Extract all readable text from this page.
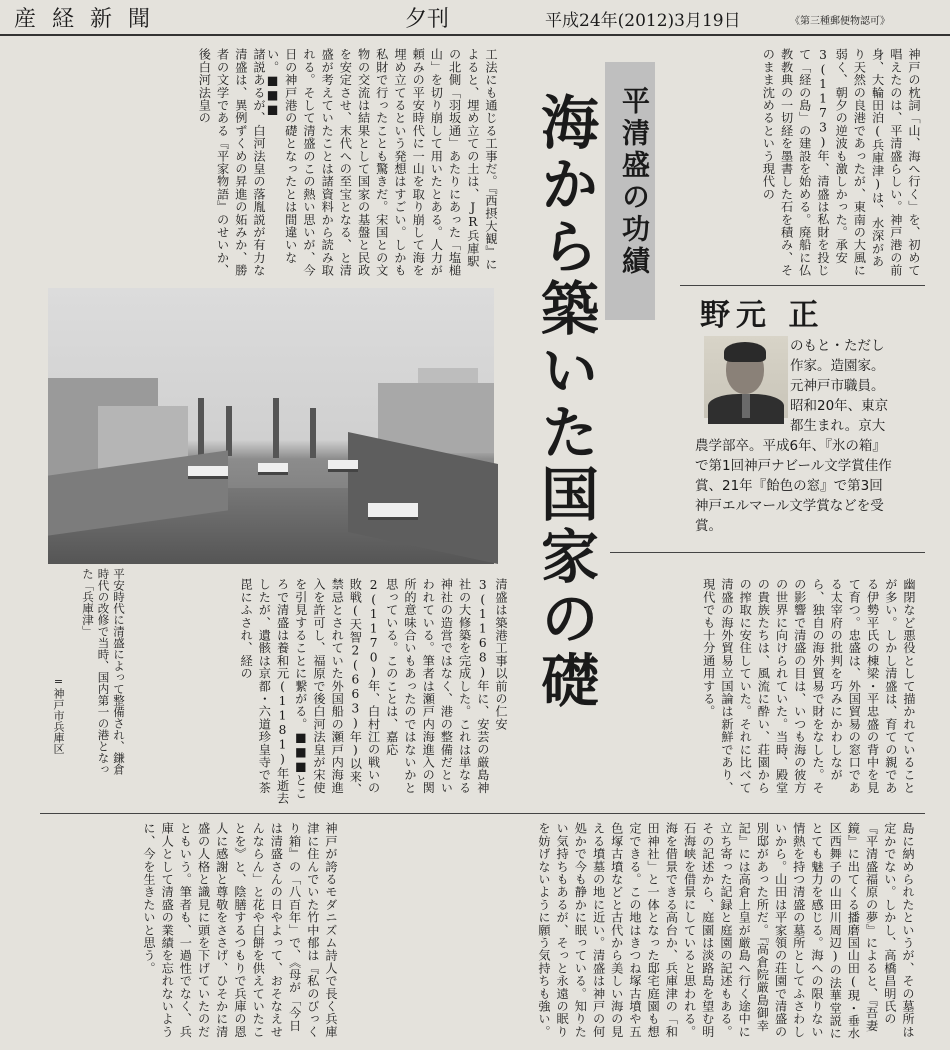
産経新聞	夕刊	平成24年(2012)3月19日	《第三種郵便物認可》
神戸の枕詞「山、海へ行く」を、初めて唱えたのは、平清盛らしい。神戸港の前身、大輪田泊(兵庫津)は、水深があり天然の良港であったが、東南の大風に弱く、朝夕の逆波も激しかった。承安3(1173)年、清盛は私財を投じて「経の島」の建設を始める。廃船に仏教教典の一切経を墨書した石を積み、そのまま沈めるという現代の
平清盛の功績
海から築いた国家の礎
工法にも通じる工事だ。『西摂大観』によると、埋め立ての土は、JR兵庫駅の北側「羽坂通」あたりにあった「塩槌山」を切り崩して用いたとある。人力が頼みの平安時代に一山を取り崩して海を埋め立てるという発想はすごい。しかも私財で行ったことも驚きだ。宋国との文物の交流は結果として国家の基盤と民政を安定させ、末代への至宝となる、と清盛が考えていたことは諸資料から読み取れる。そして清盛のこの熱い思いが、今日の神戸港の礎となったとは間違いない。■■■
諸説あるが、白河法皇の落胤説が有力な清盛は、異例ずくめの昇進の妬みか、勝者の文学である『平家物語』のせいか、後白河法皇の
野元 正
のもと・ただし 作家。造園家。元神戸市職員。昭和20年、東京都生まれ。京大農学部卒。平成6年、『氷の箱』で第1回神戸ナビール文学賞佳作賞、21年『飴色の窓』で第3回神戸エルマール文学賞などを受賞。
平安時代に清盛によって整備され、鎌倉時代の改修で当時、国内第一の港となった「兵庫津」
=神戸市兵庫区	幽閉など悪役として描かれていることが多い。しかし清盛は、育ての親である伊勢平氏の棟梁・平忠盛の背中を見て育つ。忠盛は、外国貿易の窓口である太宰府の批判を巧みにかわしながら、独自の海外貿易で財をなした。その影響で清盛の目は、いつも海の彼方の世界に向けられていた。当時、殿堂の貴族たちは、風流に酔い、荘園からの搾取に安住していた。それに比べて清盛の海外貿易立国論は新鮮であり、現代でも十分通用する。
清盛は築港工事以前の仁安3(1168)年に、安芸の厳島神社の大修築を完成した。これは単なる神社の造営ではなく、港の整備だといわれている。筆者は瀬戸内海進入の関所的意味合いもあったのではないかと思っている。このことは、嘉応2(1170)年、白村江の戦いの敗戦(天智2(663)年)以来、禁忌とされていた外国船の瀬戸内海進入を許可し、福原で後白河法皇が宋使を引見することに繋がる。■■■ところで清盛は養和元(1181)年逝去したが、遺骸は京都・六道珍皇寺で茶毘にふされ、経の
島に納められたというが、その墓所は定かでない。しかし、高橋昌明氏の『平清盛福原の夢』によると、『吾妻鏡』に出てくる播磨国山田(現・垂水区西舞子の山田川周辺)の法華堂説にとても魅力を感じる。海への限りない情熱を持つ清盛の墓所としてふさわしいから。山田は平家領の荘園で清盛の別邸があった所だ。『高倉院厳島御幸記』には高倉上皇が厳島へ行く途中に立ち寄った記録と庭園の記述もある。その記述から、庭園は淡路島を望む明石海峡を借景にしていると思われる。海を借景できる高台か、兵庫津の「和田神社」と一体となった邸宅庭園も想定できる。この地はきつね塚古墳や五色塚古墳などと古代から美しい海の見える墳墓の地に近い。清盛は神戸の何処かで今も静かに眠っている。知りたい気持ちもあるが、そっと永遠の眠りを妨げないように願う気持ちも強い。
神戸が誇るモダニズム詩人で長く兵庫津に住んでいた竹中郁は『私のびっくり箱』の「八百年」で、《母が「今日は清盛さんの日やよって、おそなえせんならん」と花や白餅を供えていたことを》と、陰膳するつもりで兵庫の恩人に感謝と尊敬をささげ、ひそかに清盛の人格と識見に頭を下げていたのだともいう。筆者も、一過性でなく、兵庫人として清盛の業績を忘れないように、今を生きたいと思う。
